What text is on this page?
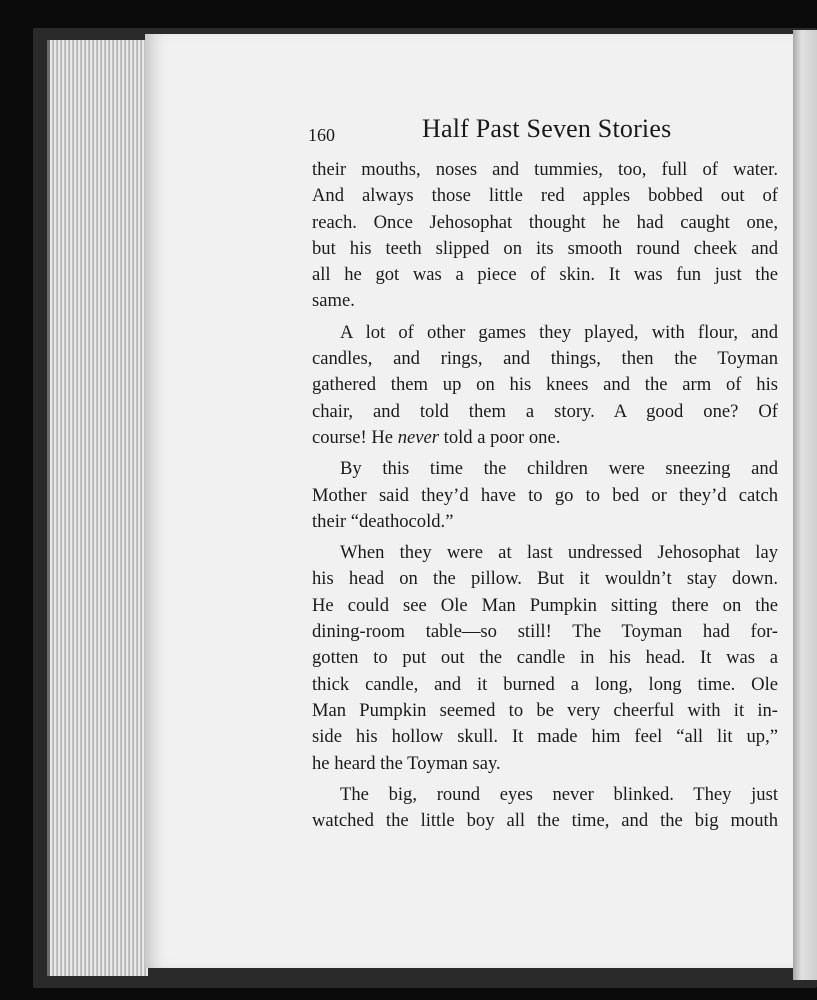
160	Half Past Seven Stories

their mouths, noses and tummies, too, full of water.
And always those little red apples bobbed out of
reach. Once Jehosophat thought he had caught one,
but his teeth slipped on its smooth round cheek and
all he got was a piece of skin. It was fun just the
same.

A lot of other games they played, with flour, and
candles, and rings, and things, then the Toyman
gathered them up on his knees and the arm of his
chair, and told them a story. A good one? Of
course! He never told a poor one.

By this time the children were sneezing and
Mother said they’d have to go to bed or they’d catch
their “deathocold.”

When they were at last undressed Jehosophat lay
his head on the pillow. But it wouldn’t stay down.
He could see Ole Man Pumpkin sitting there on the
dining-room table—so still! The Toyman had for-
gotten to put out the candle in his head. It was a
thick candle, and it burned a long, long time. Ole
Man Pumpkin seemed to be very cheerful with it in-
side his hollow skull. It made him feel “all lit up,”
he heard the Toyman say.

The big, round eyes never blinked. They just
watched the little boy all the time, and the big mouth
